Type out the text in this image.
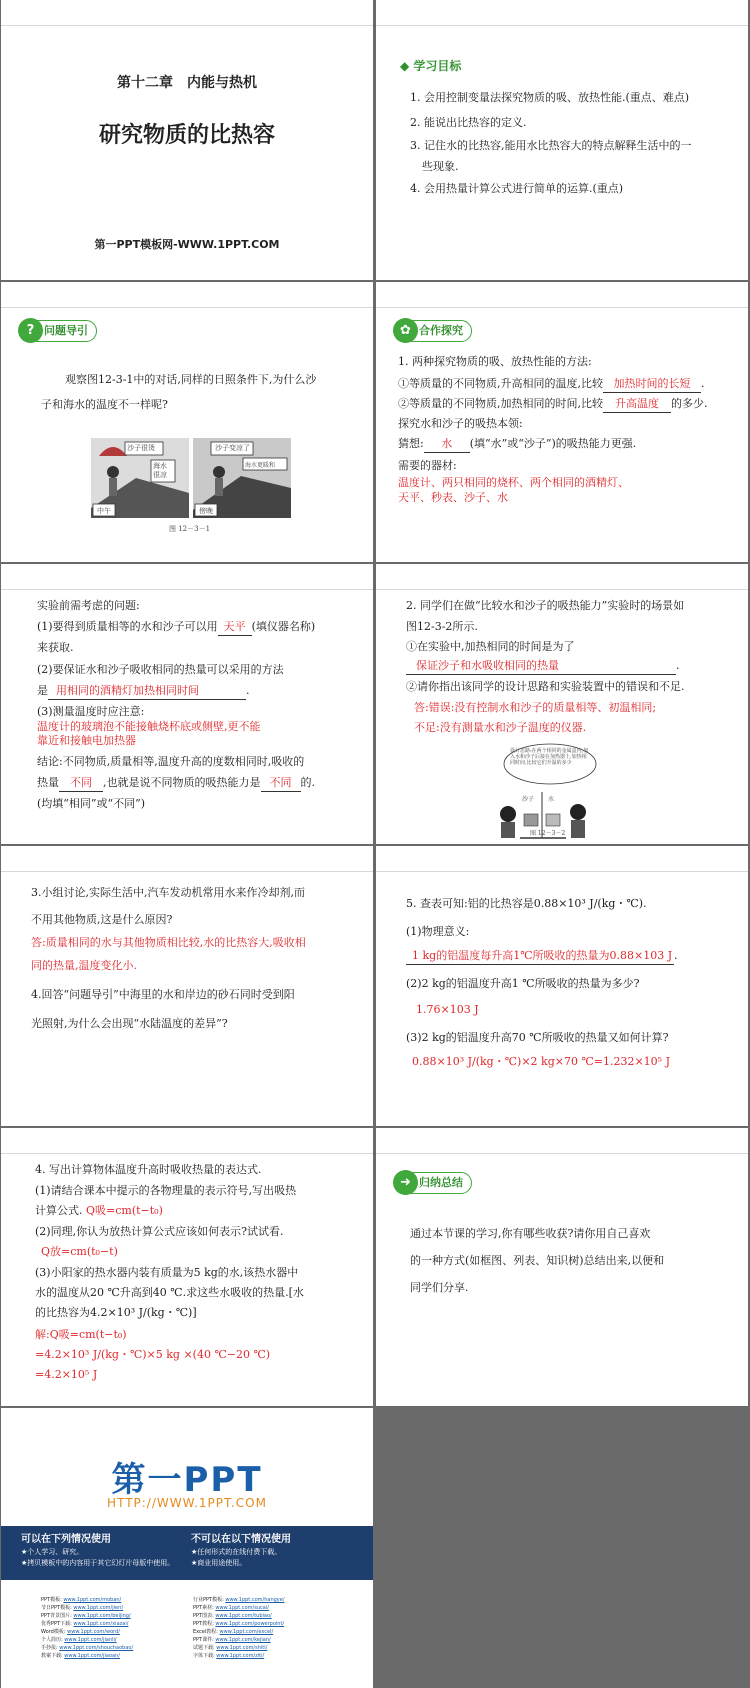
第十二章　内能与热机
研究物质的比热容
第一PPT模板网-WWW.1PPT.COM
◆ 学习目标
1. 会用控制变量法探究物质的吸、放热性能.(重点、难点)
2. 能说出比热容的定义.
3. 记住水的比热容,能用水比热容大的特点解释生活中的一
些现象.
4. 会用热量计算公式进行简单的运算.(重点)
? 问题导引
观察图12-3-1中的对话,同样的日照条件下,为什么沙
子和海水的温度不一样呢?
沙子很烫
海水
很凉
沙子变凉了
海水更暖和
中午	傍晚
图 12－3－1
✿ 合作探究
1. 两种探究物质的吸、放热性能的方法:
①等质量的不同物质,升高相同的温度,比较 加热时间的长短 .
②等质量的不同物质,加热相同的时间,比较 升高温度 的多少.
探究水和沙子的吸热本领:
猜想: 水 (填“水”或“沙子”)的吸热能力更强.
需要的器材:
温度计、两只相同的烧杯、两个相同的酒精灯、
天平、秒表、沙子、水
实验前需考虑的问题:
(1)要得到质量相等的水和沙子可以用 天平 (填仪器名称)
来获取.
(2)要保证水和沙子吸收相同的热量可以采用的方法
是 用相同的酒精灯加热相同时间	.
(3)测量温度时应注意:
温度计的玻璃泡不能接触烧杯底或侧壁,更不能
靠近和接触电加热器
结论:不同物质,质量相等,温度升高的度数相同时,吸收的
热量 不同 ,也就是说不同物质的吸热能力是 不同 的.
(均填“相同”或“不同”)
2. 同学们在做“比较水和沙子的吸热能力”实验时的场景如
图12-3-2所示.
①在实验中,加热相同的时间是为了
保证沙子和水吸收相同的热量	.
②请你指出该同学的设计思路和实验装置中的错误和不足.
答:错误:没有控制水和沙子的质量相等、初温相同;
不足:没有测量水和沙子温度的仪器.
设计思路:在两个相同的金属盒内,加入水和沙子后接在加热器上,加热相同时间,比较它们升温的多少
沙子 水
图 12－3－2
3.小组讨论,实际生活中,汽车发动机常用水来作冷却剂,而
不用其他物质,这是什么原因?
答:质量相同的水与其他物质相比较,水的比热容大,吸收相
同的热量,温度变化小.
4.回答“问题导引”中海里的水和岸边的砂石同时受到阳
光照射,为什么会出现“水陆温度的差异”?
5. 查表可知:铝的比热容是0.88×10³ J/(kg・℃).
(1)物理意义:
1 kg的铝温度每升高1℃所吸收的热量为0.88×103 J .
(2)2 kg的铝温度升高1 ℃所吸收的热量为多少?
1.76×103 J
(3)2 kg的铝温度升高70 ℃所吸收的热量又如何计算?
0.88×10³ J/(kg・℃)×2 kg×70 ℃=1.232×10⁵ J
4. 写出计算物体温度升高时吸收热量的表达式.
(1)请结合课本中提示的各物理量的表示符号,写出吸热
计算公式. Q吸=cm(t−t₀)
(2)同理,你认为放热计算公式应该如何表示?试试看.
Q放=cm(t₀−t)
(3)小阳家的热水器内装有质量为5 kg的水,该热水器中
水的温度从20 ℃升高到40 ℃.求这些水吸收的热量.[水
的比热容为4.2×10³ J/(kg・℃)]
解:Q吸=cm(t−t₀)
=4.2×10³ J/(kg・℃)×5 kg ×(40 ℃−20 ℃)
=4.2×10⁵ J
➜ 归纳总结
通过本节课的学习,你有哪些收获?请你用自己喜欢
的一种方式(如框图、列表、知识树)总结出来,以便和
同学们分享.
第一PPT
HTTP://WWW.1PPT.COM
可以在下列情况使用
★个人学习、研究。
★拷贝模板中的内容用于其它幻灯片母版中使用。
不可以在以下情况使用
★任何形式的在线付费下载。
★商业用途使用。
PPT模板: www.1ppt.com/moban/
节日PPT模板: www.1ppt.com/jieri/
PPT背景图片: www.1ppt.com/beijing/
优秀PPT下载: www.1ppt.com/xiazai/
Word模板: www.1ppt.com/word/
个人简历: www.1ppt.com/jianli/
手抄报: www.1ppt.com/shouchaobao/
教案下载: www.1ppt.com/jiaoan/
行业PPT模板: www.1ppt.com/hangye/
PPT素材: www.1ppt.com/sucai/
PPT图表: www.1ppt.com/tubiao/
PPT教程: www.1ppt.com/powerpoint/
Excel教程: www.1ppt.com/excel/
PPT课件: www.1ppt.com/kejian/
试题下载: www.1ppt.com/shiti/
字体下载: www.1ppt.com/ziti/
